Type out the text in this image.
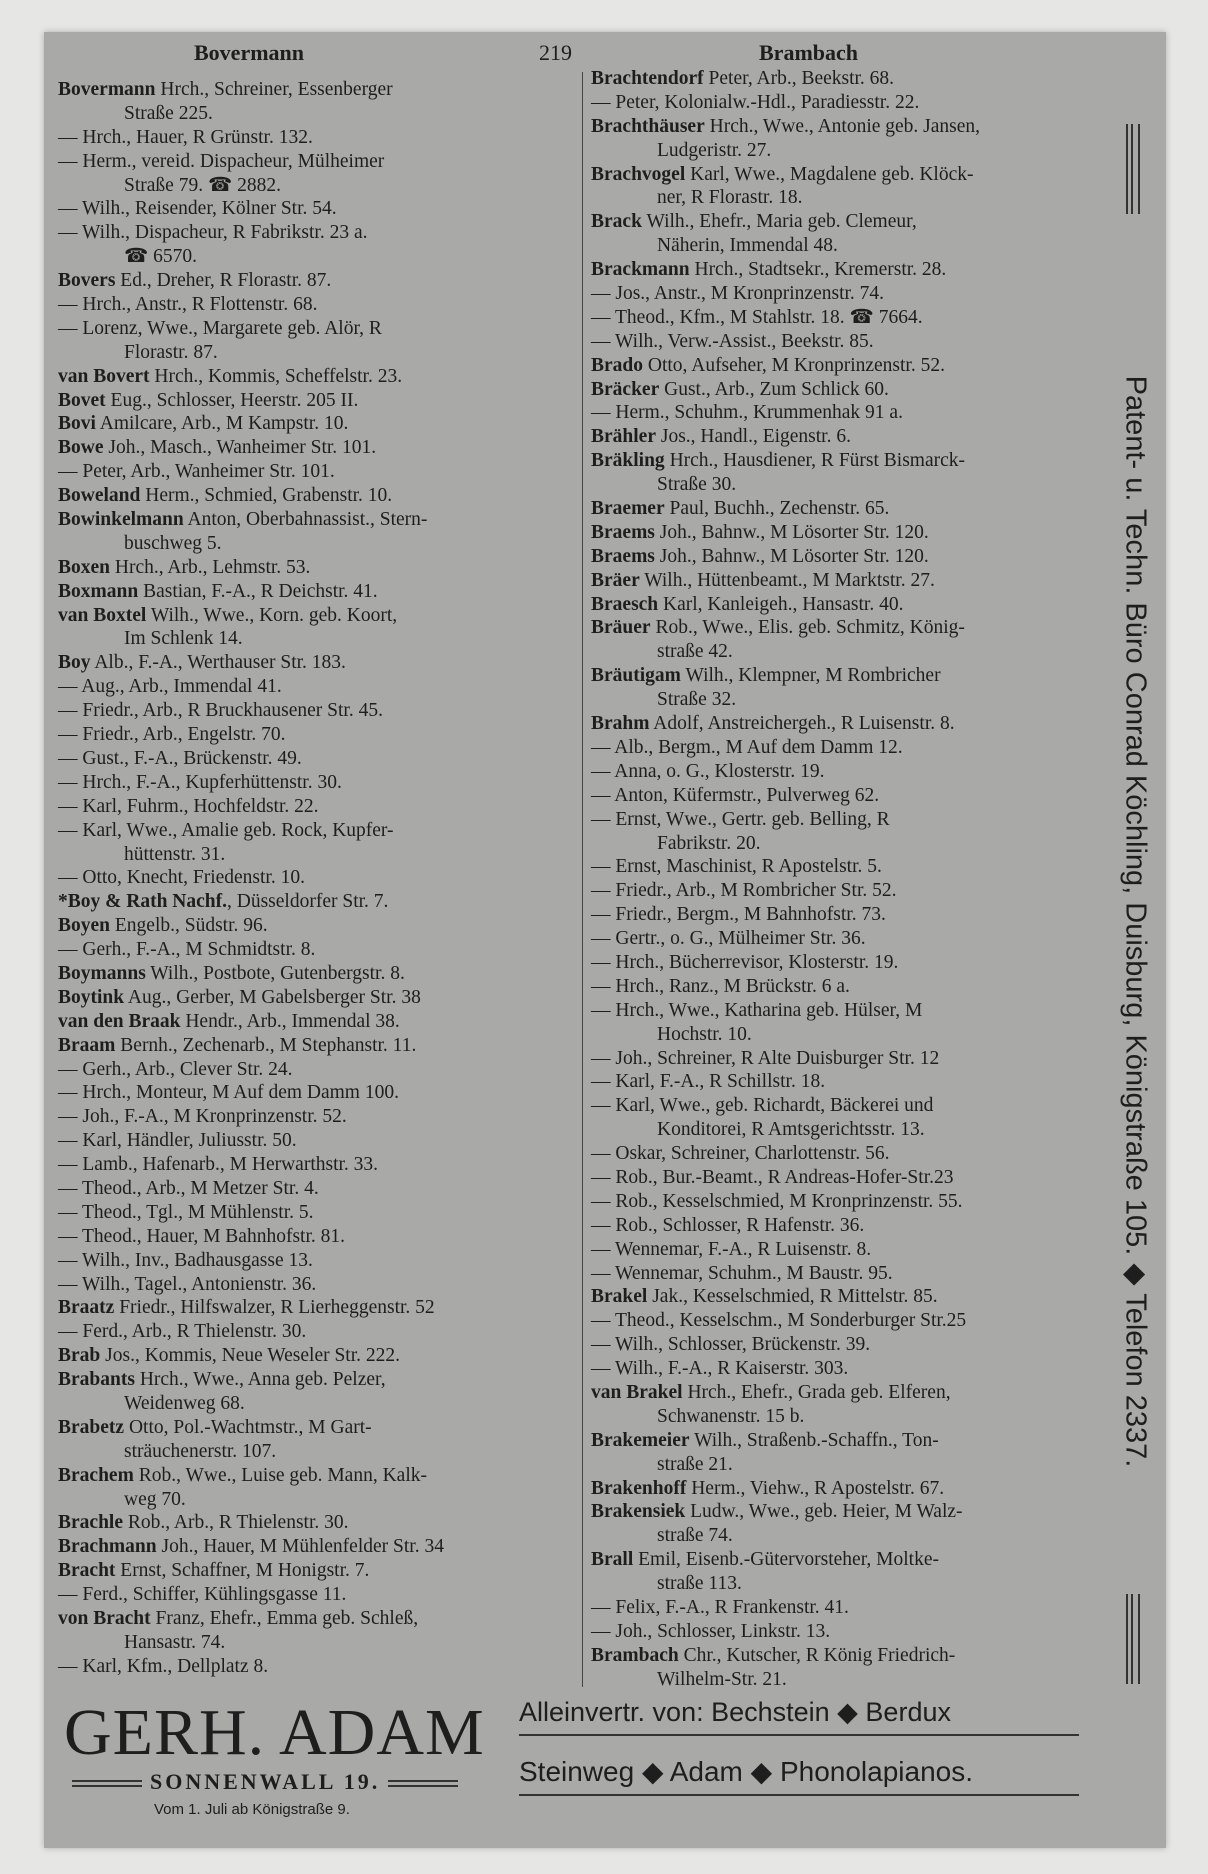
Bovermann	219	Brambach
Bovermann Hrch., Schreiner, Essenberger
Straße 225.
— Hrch., Hauer, R Grünstr. 132.
— Herm., vereid. Dispacheur, Mülheimer
Straße 79. ☎ 2882.
— Wilh., Reisender, Kölner Str. 54.
— Wilh., Dispacheur, R Fabrikstr. 23 a.
☎ 6570.
Bovers Ed., Dreher, R Florastr. 87.
— Hrch., Anstr., R Flottenstr. 68.
— Lorenz, Wwe., Margarete geb. Alör, R
Florastr. 87.
van Bovert Hrch., Kommis, Scheffelstr. 23.
Bovet Eug., Schlosser, Heerstr. 205 II.
Bovi Amilcare, Arb., M Kampstr. 10.
Bowe Joh., Masch., Wanheimer Str. 101.
— Peter, Arb., Wanheimer Str. 101.
Boweland Herm., Schmied, Grabenstr. 10.
Bowinkelmann Anton, Oberbahnassist., Stern-
buschweg 5.
Boxen Hrch., Arb., Lehmstr. 53.
Boxmann Bastian, F.-A., R Deichstr. 41.
van Boxtel Wilh., Wwe., Korn. geb. Koort,
Im Schlenk 14.
Boy Alb., F.-A., Werthauser Str. 183.
— Aug., Arb., Immendal 41.
— Friedr., Arb., R Bruckhausener Str. 45.
— Friedr., Arb., Engelstr. 70.
— Gust., F.-A., Brückenstr. 49.
— Hrch., F.-A., Kupferhüttenstr. 30.
— Karl, Fuhrm., Hochfeldstr. 22.
— Karl, Wwe., Amalie geb. Rock, Kupfer-
hüttenstr. 31.
— Otto, Knecht, Friedenstr. 10.
*Boy & Rath Nachf., Düsseldorfer Str. 7.
Boyen Engelb., Südstr. 96.
— Gerh., F.-A., M Schmidtstr. 8.
Boymanns Wilh., Postbote, Gutenbergstr. 8.
Boytink Aug., Gerber, M Gabelsberger Str. 38
van den Braak Hendr., Arb., Immendal 38.
Braam Bernh., Zechenarb., M Stephanstr. 11.
— Gerh., Arb., Clever Str. 24.
— Hrch., Monteur, M Auf dem Damm 100.
— Joh., F.-A., M Kronprinzenstr. 52.
— Karl, Händler, Juliusstr. 50.
— Lamb., Hafenarb., M Herwarthstr. 33.
— Theod., Arb., M Metzer Str. 4.
— Theod., Tgl., M Mühlenstr. 5.
— Theod., Hauer, M Bahnhofstr. 81.
— Wilh., Inv., Badhausgasse 13.
— Wilh., Tagel., Antonienstr. 36.
Braatz Friedr., Hilfswalzer, R Lierheggenstr. 52
— Ferd., Arb., R Thielenstr. 30.
Brab Jos., Kommis, Neue Weseler Str. 222.
Brabants Hrch., Wwe., Anna geb. Pelzer,
Weidenweg 68.
Brabetz Otto, Pol.-Wachtmstr., M Gart-
sträuchenerstr. 107.
Brachem Rob., Wwe., Luise geb. Mann, Kalk-
weg 70.
Brachle Rob., Arb., R Thielenstr. 30.
Brachmann Joh., Hauer, M Mühlenfelder Str. 34
Bracht Ernst, Schaffner, M Honigstr. 7.
— Ferd., Schiffer, Kühlingsgasse 11.
von Bracht Franz, Ehefr., Emma geb. Schleß,
Hansastr. 74.
— Karl, Kfm., Dellplatz 8.
Brachtendorf Peter, Arb., Beekstr. 68.
— Peter, Kolonialw.-Hdl., Paradiesstr. 22.
Brachthäuser Hrch., Wwe., Antonie geb. Jansen,
Ludgeristr. 27.
Brachvogel Karl, Wwe., Magdalene geb. Klöck-
ner, R Florastr. 18.
Brack Wilh., Ehefr., Maria geb. Clemeur,
Näherin, Immendal 48.
Brackmann Hrch., Stadtsekr., Kremerstr. 28.
— Jos., Anstr., M Kronprinzenstr. 74.
— Theod., Kfm., M Stahlstr. 18. ☎ 7664.
— Wilh., Verw.-Assist., Beekstr. 85.
Brado Otto, Aufseher, M Kronprinzenstr. 52.
Bräcker Gust., Arb., Zum Schlick 60.
— Herm., Schuhm., Krummenhak 91 a.
Brähler Jos., Handl., Eigenstr. 6.
Bräkling Hrch., Hausdiener, R Fürst Bismarck-
Straße 30.
Braemer Paul, Buchh., Zechenstr. 65.
Braems Joh., Bahnw., M Lösorter Str. 120.
Braems Joh., Bahnw., M Lösorter Str. 120.
Bräer Wilh., Hüttenbeamt., M Marktstr. 27.
Braesch Karl, Kanleigeh., Hansastr. 40.
Bräuer Rob., Wwe., Elis. geb. Schmitz, König-
straße 42.
Bräutigam Wilh., Klempner, M Rombricher
Straße 32.
Brahm Adolf, Anstreichergeh., R Luisenstr. 8.
— Alb., Bergm., M Auf dem Damm 12.
— Anna, o. G., Klosterstr. 19.
— Anton, Küfermstr., Pulverweg 62.
— Ernst, Wwe., Gertr. geb. Belling, R
Fabrikstr. 20.
— Ernst, Maschinist, R Apostelstr. 5.
— Friedr., Arb., M Rombricher Str. 52.
— Friedr., Bergm., M Bahnhofstr. 73.
— Gertr., o. G., Mülheimer Str. 36.
— Hrch., Bücherrevisor, Klosterstr. 19.
— Hrch., Ranz., M Brückstr. 6 a.
— Hrch., Wwe., Katharina geb. Hülser, M
Hochstr. 10.
— Joh., Schreiner, R Alte Duisburger Str. 12
— Karl, F.-A., R Schillstr. 18.
— Karl, Wwe., geb. Richardt, Bäckerei und
Konditorei, R Amtsgerichtsstr. 13.
— Oskar, Schreiner, Charlottenstr. 56.
— Rob., Bur.-Beamt., R Andreas-Hofer-Str.23
— Rob., Kesselschmied, M Kronprinzenstr. 55.
— Rob., Schlosser, R Hafenstr. 36.
— Wennemar, F.-A., R Luisenstr. 8.
— Wennemar, Schuhm., M Baustr. 95.
Brakel Jak., Kesselschmied, R Mittelstr. 85.
— Theod., Kesselschm., M Sonderburger Str.25
— Wilh., Schlosser, Brückenstr. 39.
— Wilh., F.-A., R Kaiserstr. 303.
van Brakel Hrch., Ehefr., Grada geb. Elferen,
Schwanenstr. 15 b.
Brakemeier Wilh., Straßenb.-Schaffn., Ton-
straße 21.
Brakenhoff Herm., Viehw., R Apostelstr. 67.
Brakensiek Ludw., Wwe., geb. Heier, M Walz-
straße 74.
Brall Emil, Eisenb.-Gütervorsteher, Moltke-
straße 113.
— Felix, F.-A., R Frankenstr. 41.
— Joh., Schlosser, Linkstr. 13.
Brambach Chr., Kutscher, R König Friedrich-
Wilhelm-Str. 21.
Patent- u. Techn. Büro Conrad Köchling, Duisburg, Königstraße 105. ◆ Telefon 2337.
GERH. ADAM
SONNENWALL 19.
Vom 1. Juli ab Königstraße 9.
Alleinvertr. von: Bechstein ◆ Berdux
Steinweg ◆ Adam ◆ Phonolapianos.
